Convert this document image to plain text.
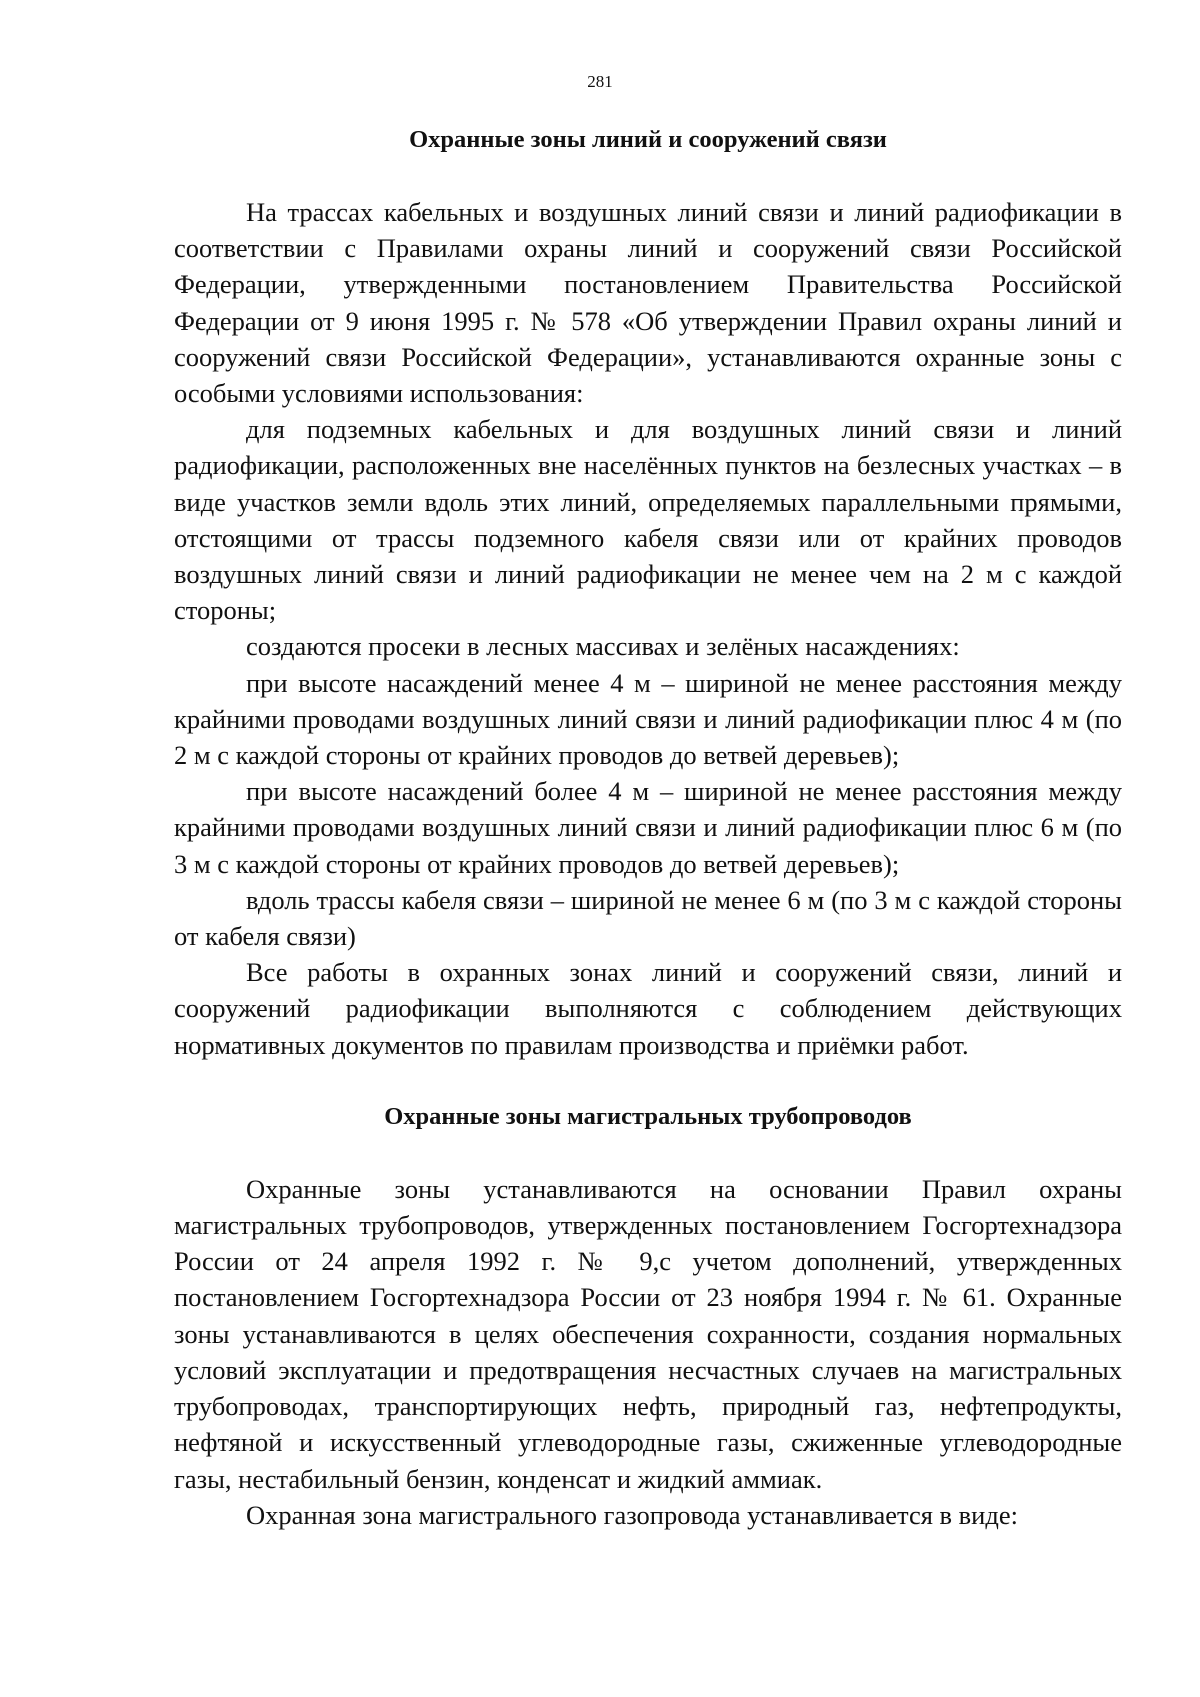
281
Охранные зоны линий и сооружений связи

На трассах кабельных и воздушных линий связи и линий радиофикации в соответствии с Правилами охраны линий и сооружений связи Российской Федерации, утвержденными постановлением Правительства Российской Федерации от 9 июня 1995 г. № 578 «Об утверждении Правил охраны линий и сооружений связи Российской Федерации», устанавливаются охранные зоны с особыми условиями использования:

для подземных кабельных и для воздушных линий связи и линий радиофикации, расположенных вне населённых пунктов на безлесных участках – в виде участков земли вдоль этих линий, определяемых параллельными прямыми, отстоящими от трассы подземного кабеля связи или от крайних проводов воздушных линий связи и линий радиофикации не менее чем на 2 м с каждой стороны;

создаются просеки в лесных массивах и зелёных насаждениях:

при высоте насаждений менее 4 м – шириной не менее расстояния между крайними проводами воздушных линий связи и линий радиофикации плюс 4 м (по 2 м с каждой стороны от крайних проводов до ветвей деревьев);

при высоте насаждений более 4 м – шириной не менее расстояния между крайними проводами воздушных линий связи и линий радиофикации плюс 6 м (по 3 м с каждой стороны от крайних проводов до ветвей деревьев);

вдоль трассы кабеля связи – шириной не менее 6 м (по 3 м с каждой стороны от кабеля связи)

Все работы в охранных зонах линий и сооружений связи, линий и сооружений радиофикации выполняются с соблюдением действующих нормативных документов по правилам производства и приёмки работ.

Охранные зоны магистральных трубопроводов

Охранные зоны устанавливаются на основании Правил охраны магистральных трубопроводов, утвержденных постановлением Госгортехнадзора России от 24 апреля 1992 г. № 9,с учетом дополнений, утвержденных постановлением Госгортехнадзора России от 23 ноября 1994 г. № 61. Охранные зоны устанавливаются в целях обеспечения сохранности, создания нормальных условий эксплуатации и предотвращения несчастных случаев на магистральных трубопроводах, транспортирующих нефть, природный газ, нефтепродукты, нефтяной и искусственный углеводородные газы, сжиженные углеводородные газы, нестабильный бензин, конденсат и жидкий аммиак.

Охранная зона магистрального газопровода устанавливается в виде:
